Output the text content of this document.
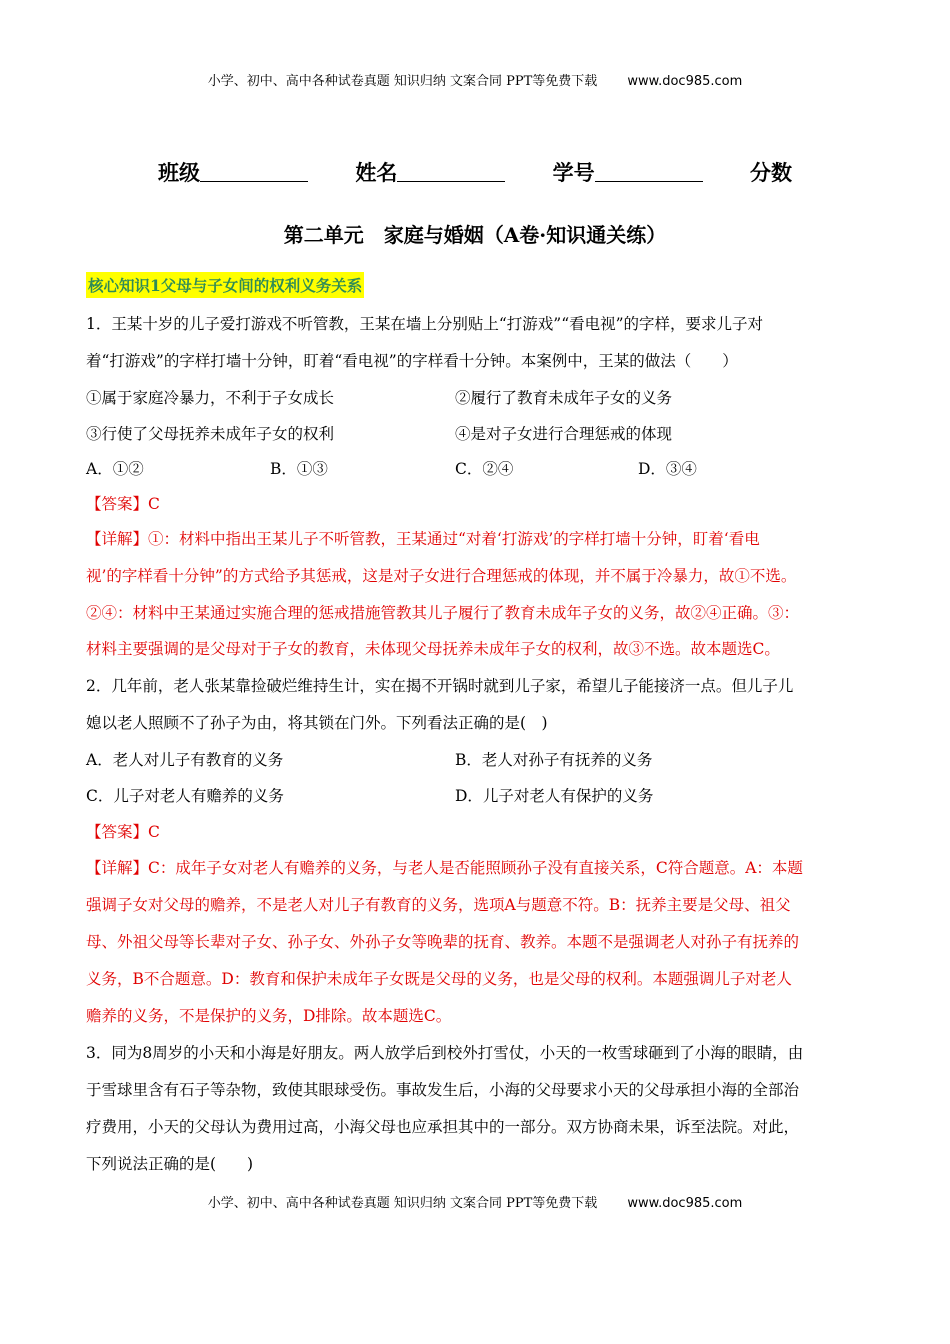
小学、初中、高中各种试卷真题 知识归纳 文案合同 PPT等免费下载 www.doc985.com
班级	姓名	学号	分数
第二单元　家庭与婚姻（A卷·知识通关练）
核心知识1父母与子女间的权利义务关系
1．王某十岁的儿子爱打游戏不听管教，王某在墙上分别贴上“打游戏”“看电视”的字样，要求儿子对
着“打游戏”的字样打墙十分钟，盯着“看电视”的字样看十分钟。本案例中，王某的做法（　　）
①属于家庭冷暴力，不利于子女成长	②履行了教育未成年子女的义务
③行使了父母抚养未成年子女的权利	④是对子女进行合理惩戒的体现
A．①②	B．①③	C．②④	D．③④
【答案】C
【详解】①：材料中指出王某儿子不听管教，王某通过“对着‘打游戏’的字样打墙十分钟，盯着‘看电
视’的字样看十分钟”的方式给予其惩戒，这是对子女进行合理惩戒的体现，并不属于冷暴力，故①不选。
②④：材料中王某通过实施合理的惩戒措施管教其儿子履行了教育未成年子女的义务，故②④正确。③：
材料主要强调的是父母对于子女的教育，未体现父母抚养未成年子女的权利，故③不选。故本题选C。
2．几年前，老人张某靠捡破烂维持生计，实在揭不开锅时就到儿子家，希望儿子能接济一点。但儿子儿
媳以老人照顾不了孙子为由，将其锁在门外。下列看法正确的是(　)
A．老人对儿子有教育的义务	B．老人对孙子有抚养的义务
C．儿子对老人有赡养的义务	D．儿子对老人有保护的义务
【答案】C
【详解】C：成年子女对老人有赡养的义务，与老人是否能照顾孙子没有直接关系，C符合题意。A：本题
强调子女对父母的赡养，不是老人对儿子有教育的义务，选项A与题意不符。B：抚养主要是父母、祖父
母、外祖父母等长辈对子女、孙子女、外孙子女等晚辈的抚育、教养。本题不是强调老人对孙子有抚养的
义务，B不合题意。D：教育和保护未成年子女既是父母的义务，也是父母的权利。本题强调儿子对老人
赡养的义务，不是保护的义务，D排除。故本题选C。
3．同为8周岁的小天和小海是好朋友。两人放学后到校外打雪仗，小天的一枚雪球砸到了小海的眼睛，由
于雪球里含有石子等杂物，致使其眼球受伤。事故发生后，小海的父母要求小天的父母承担小海的全部治
疗费用，小天的父母认为费用过高，小海父母也应承担其中的一部分。双方协商未果，诉至法院。对此，
下列说法正确的是(　　)
小学、初中、高中各种试卷真题 知识归纳 文案合同 PPT等免费下载 www.doc985.com
